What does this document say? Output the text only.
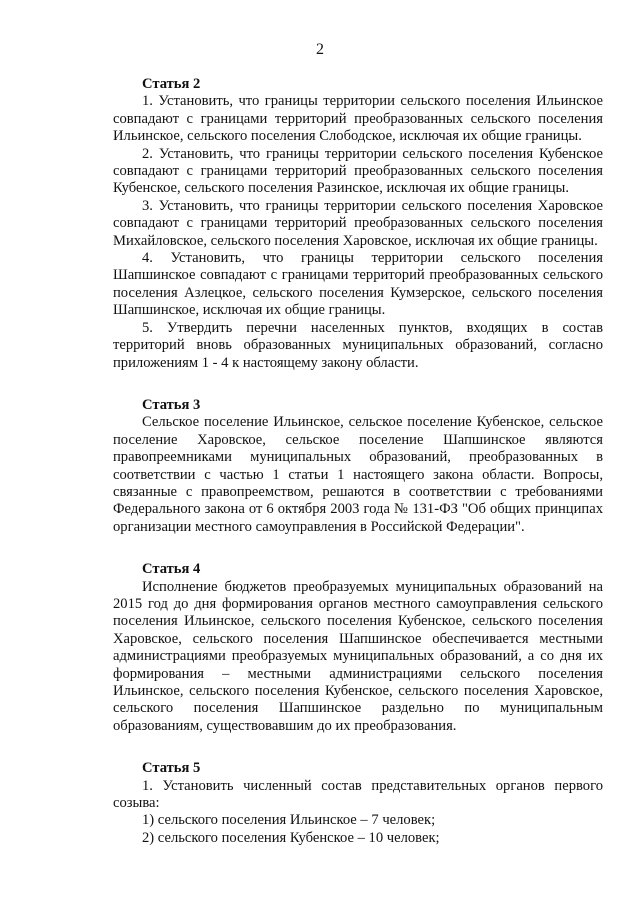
2

Статья 2

1. Установить, что границы территории сельского поселения Ильинское совпадают с границами территорий преобразованных сельского поселения Ильинское, сельского поселения Слободское, исключая их общие границы.

2. Установить, что границы территории сельского поселения Кубенское совпадают с границами территорий преобразованных сельского поселения Кубенское, сельского поселения Разинское, исключая их общие границы.

3. Установить, что границы территории сельского поселения Харовское совпадают с границами территорий преобразованных сельского поселения Михайловское, сельского поселения Харовское, исключая их общие границы.

4. Установить, что границы территории сельского поселения Шапшинское совпадают с границами территорий преобразованных сельского поселения Азлецкое, сельского поселения Кумзерское, сельского поселения Шапшинское, исключая их общие границы.

5. Утвердить перечни населенных пунктов, входящих в состав территорий вновь образованных муниципальных образований, согласно приложениям 1 - 4 к настоящему закону области.

Статья 3

Сельское поселение Ильинское, сельское поселение Кубенское, сельское поселение Харовское, сельское поселение Шапшинское являются правопреемниками муниципальных образований, преобразованных в соответствии с частью 1 статьи 1 настоящего закона области. Вопросы, связанные с правопреемством, решаются в соответствии с требованиями Федерального закона от 6 октября 2003 года № 131-ФЗ "Об общих принципах организации местного самоуправления в Российской Федерации".

Статья 4

Исполнение бюджетов преобразуемых муниципальных образований на 2015 год до дня формирования органов местного самоуправления сельского поселения Ильинское, сельского поселения Кубенское, сельского поселения Харовское, сельского поселения Шапшинское обеспечивается местными администрациями преобразуемых муниципальных образований, а со дня их формирования – местными администрациями сельского поселения Ильинское, сельского поселения Кубенское, сельского поселения Харовское, сельского поселения Шапшинское раздельно по муниципальным образованиям, существовавшим до их преобразования.

Статья 5

1. Установить численный состав представительных органов первого созыва:

1) сельского поселения Ильинское – 7 человек;

2) сельского поселения Кубенское – 10 человек;
